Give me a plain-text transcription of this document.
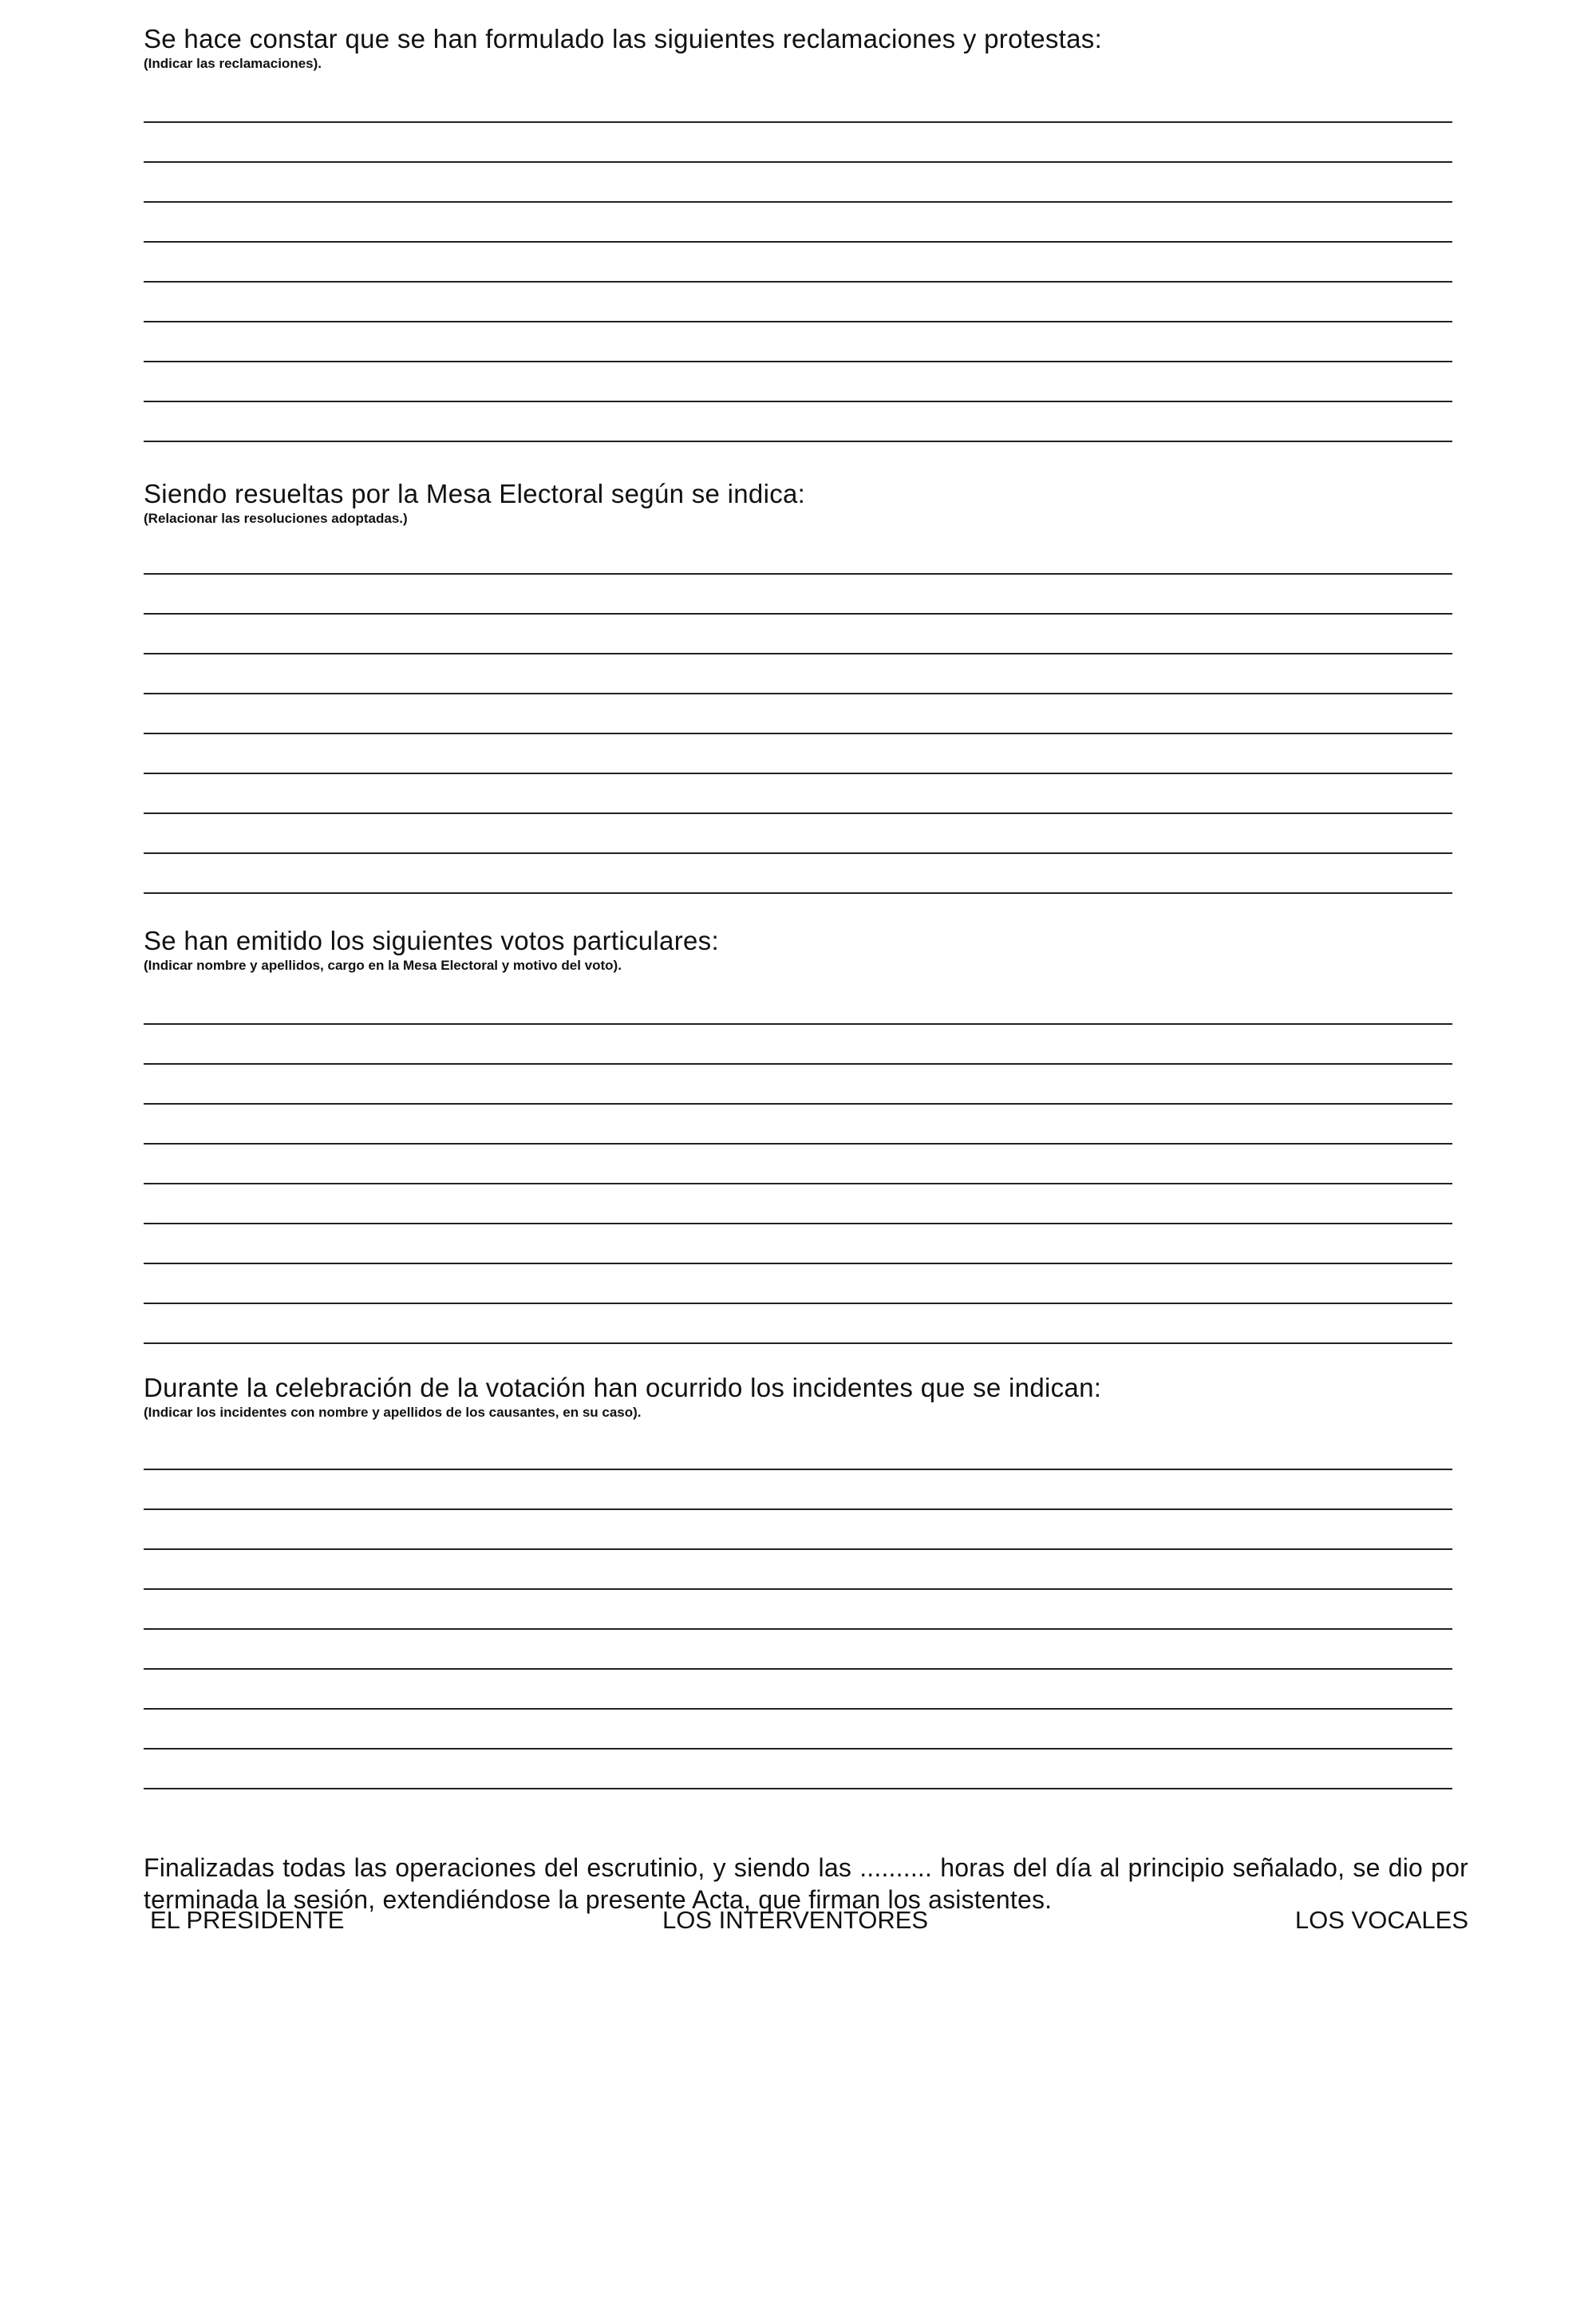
Se hace constar que se han formulado las siguientes reclamaciones y protestas:

(Indicar las reclamaciones).

Siendo resueltas por la Mesa Electoral según se indica:

(Relacionar las resoluciones adoptadas.)

Se han emitido los siguientes votos particulares:

(Indicar nombre y apellidos, cargo en la Mesa Electoral y motivo del voto).

Durante la celebración de la votación han ocurrido los incidentes que se indican:

(Indicar los incidentes con nombre y apellidos de los causantes, en su caso).

Finalizadas todas las operaciones del escrutinio, y siendo las .......... horas del día al principio señalado, se dio por terminada la sesión, extendiéndose la presente Acta, que firman los asistentes.

EL PRESIDENTE	LOS INTERVENTORES	LOS VOCALES
